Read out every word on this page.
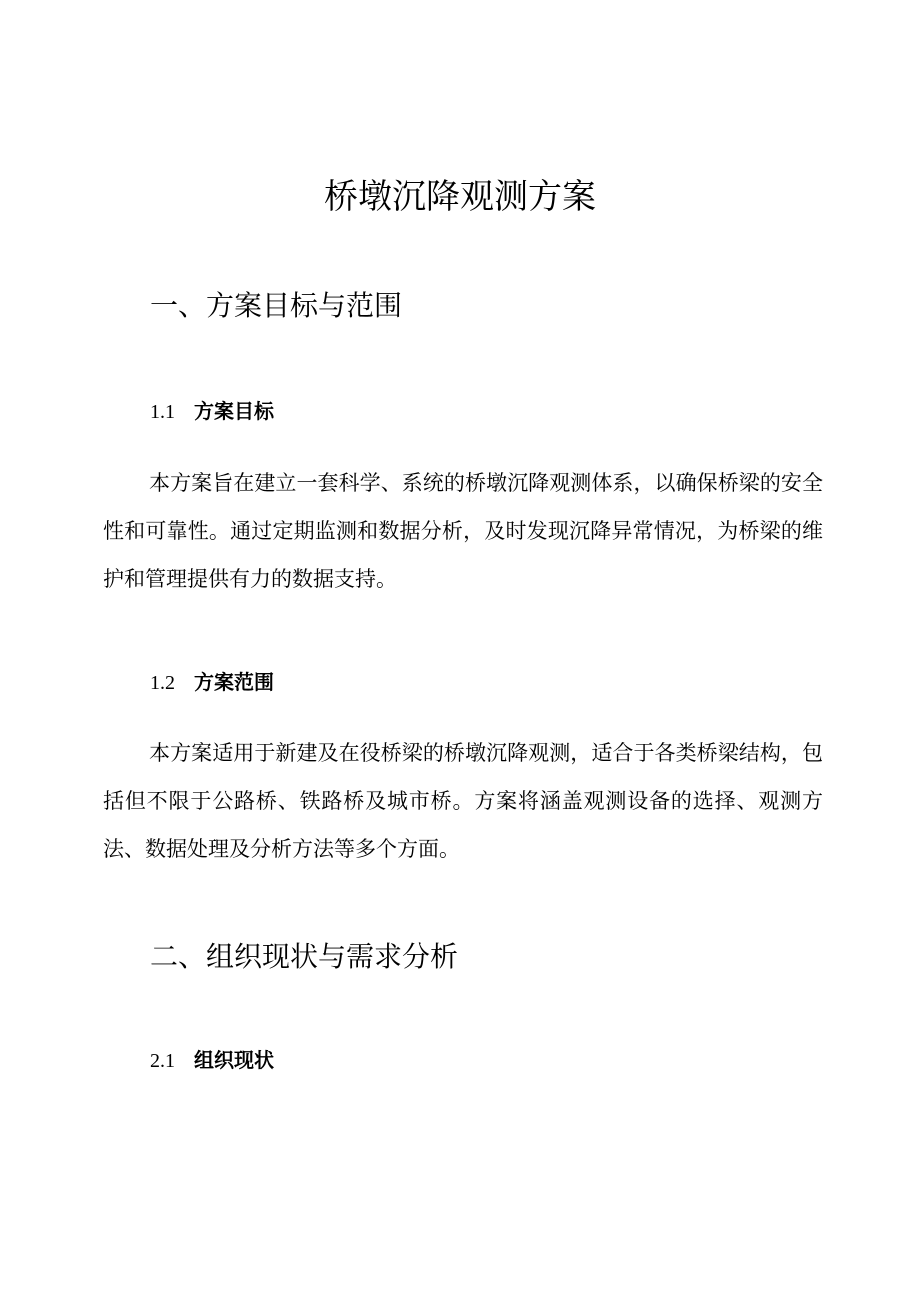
桥墩沉降观测方案
一、方案目标与范围
1.1 方案目标

本方案旨在建立一套科学、系统的桥墩沉降观测体系，以确保桥梁的安全性和可靠性。通过定期监测和数据分析，及时发现沉降异常情况，为桥梁的维护和管理提供有力的数据支持。

1.2 方案范围

本方案适用于新建及在役桥梁的桥墩沉降观测，适合于各类桥梁结构，包括但不限于公路桥、铁路桥及城市桥。方案将涵盖观测设备的选择、观测方法、数据处理及分析方法等多个方面。

二、组织现状与需求分析
2.1 组织现状
